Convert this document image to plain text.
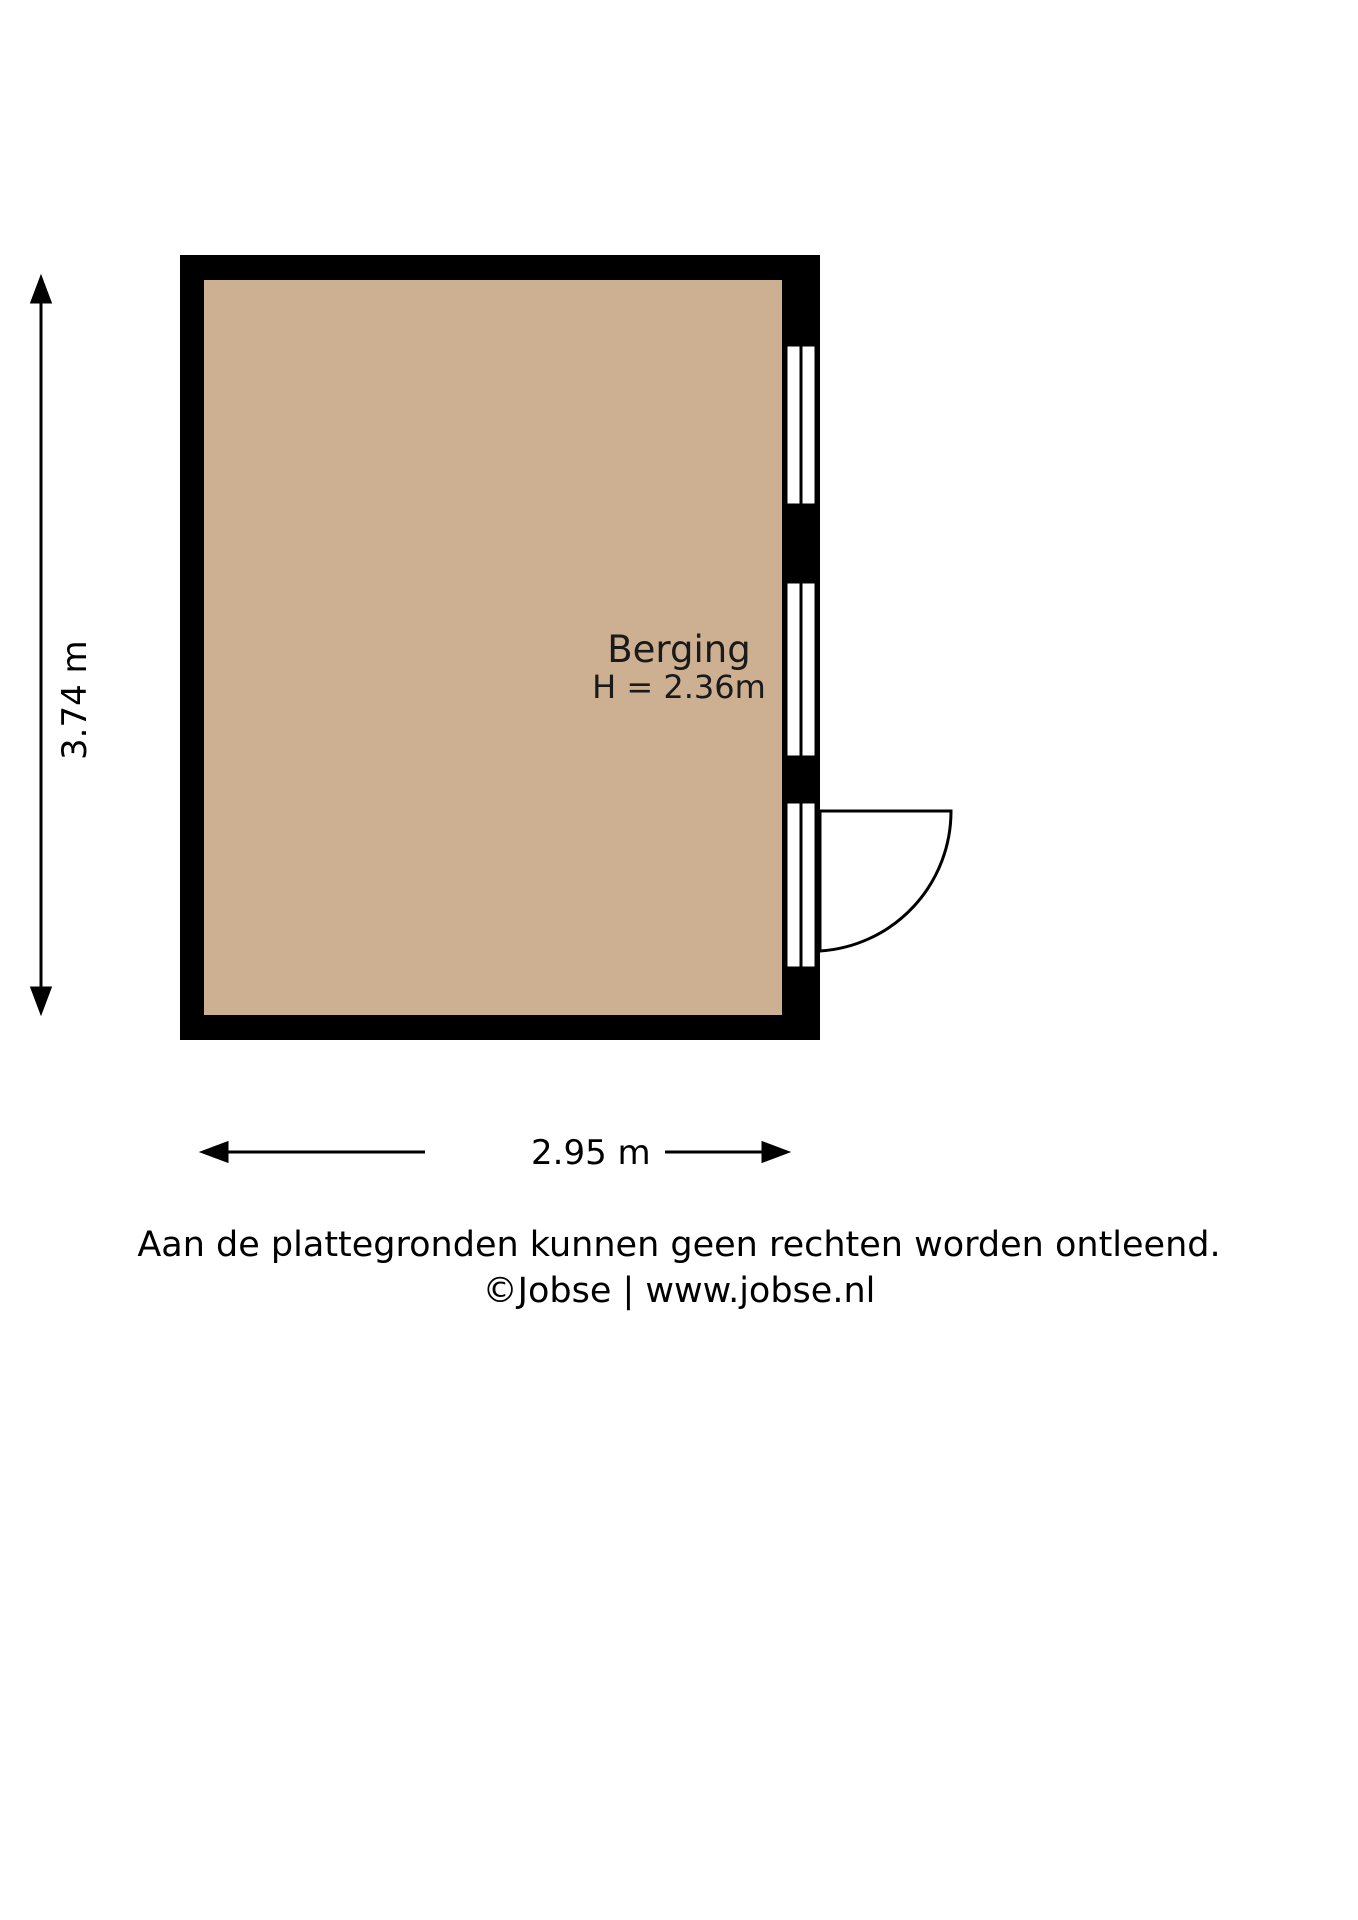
3.74 m
2.95 m
Berging
H = 2.36m
Aan de plattegronden kunnen geen rechten worden ontleend.
©Jobse | www.jobse.nl
